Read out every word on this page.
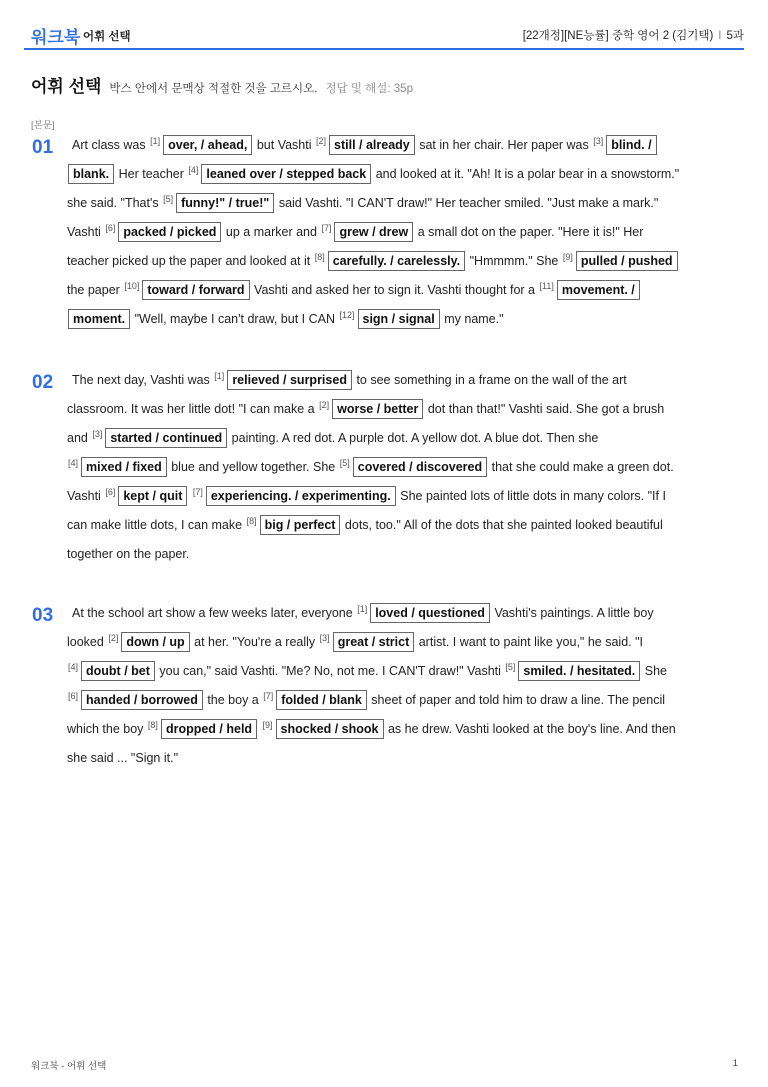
워크북 어휘 선택	[22개정][NE능률] 중학 영어 2 (김기택) I 5과
어휘 선택 박스 안에서 문맥상 적절한 것을 고르시오. 정답 및 해설: 35p
[본문]
01	Art class was [1] over, / ahead, but Vashti [2] still / already sat in her chair. Her paper was [3] blind. /
blank. Her teacher [4] leaned over / stepped back and looked at it. "Ah! It is a polar bear in a snowstorm."
she said. "That's [5] funny!" / true!" said Vashti. "I CAN'T draw!" Her teacher smiled. "Just make a mark."
Vashti [6] packed / picked up a marker and [7] grew / drew a small dot on the paper. "Here it is!" Her
teacher picked up the paper and looked at it [8] carefully. / carelessly. "Hmmmm." She [9] pulled / pushed
the paper [10] toward / forward Vashti and asked her to sign it. Vashti thought for a [11] movement. /
moment. "Well, maybe I can't draw, but I CAN [12] sign / signal my name."
02	The next day, Vashti was [1] relieved / surprised to see something in a frame on the wall of the art
classroom. It was her little dot! "I can make a [2] worse / better dot than that!" Vashti said. She got a brush
and [3] started / continued painting. A red dot. A purple dot. A yellow dot. A blue dot. Then she
[4] mixed / fixed blue and yellow together. She [5] covered / discovered that she could make a green dot.
Vashti [6] kept / quit [7] experiencing. / experimenting. She painted lots of little dots in many colors. "If I
can make little dots, I can make [8] big / perfect dots, too." All of the dots that she painted looked beautiful
together on the paper.
03	At the school art show a few weeks later, everyone [1] loved / questioned Vashti's paintings. A little boy
looked [2] down / up at her. "You're a really [3] great / strict artist. I want to paint like you," he said. "I
[4] doubt / bet you can," said Vashti. "Me? No, not me. I CAN'T draw!" Vashti [5] smiled. / hesitated. She
[6] handed / borrowed the boy a [7] folded / blank sheet of paper and told him to draw a line. The pencil
which the boy [8] dropped / held [9] shocked / shook as he drew. Vashti looked at the boy's line. And then
she said ... "Sign it."
워크북 - 어휘 선택	1
